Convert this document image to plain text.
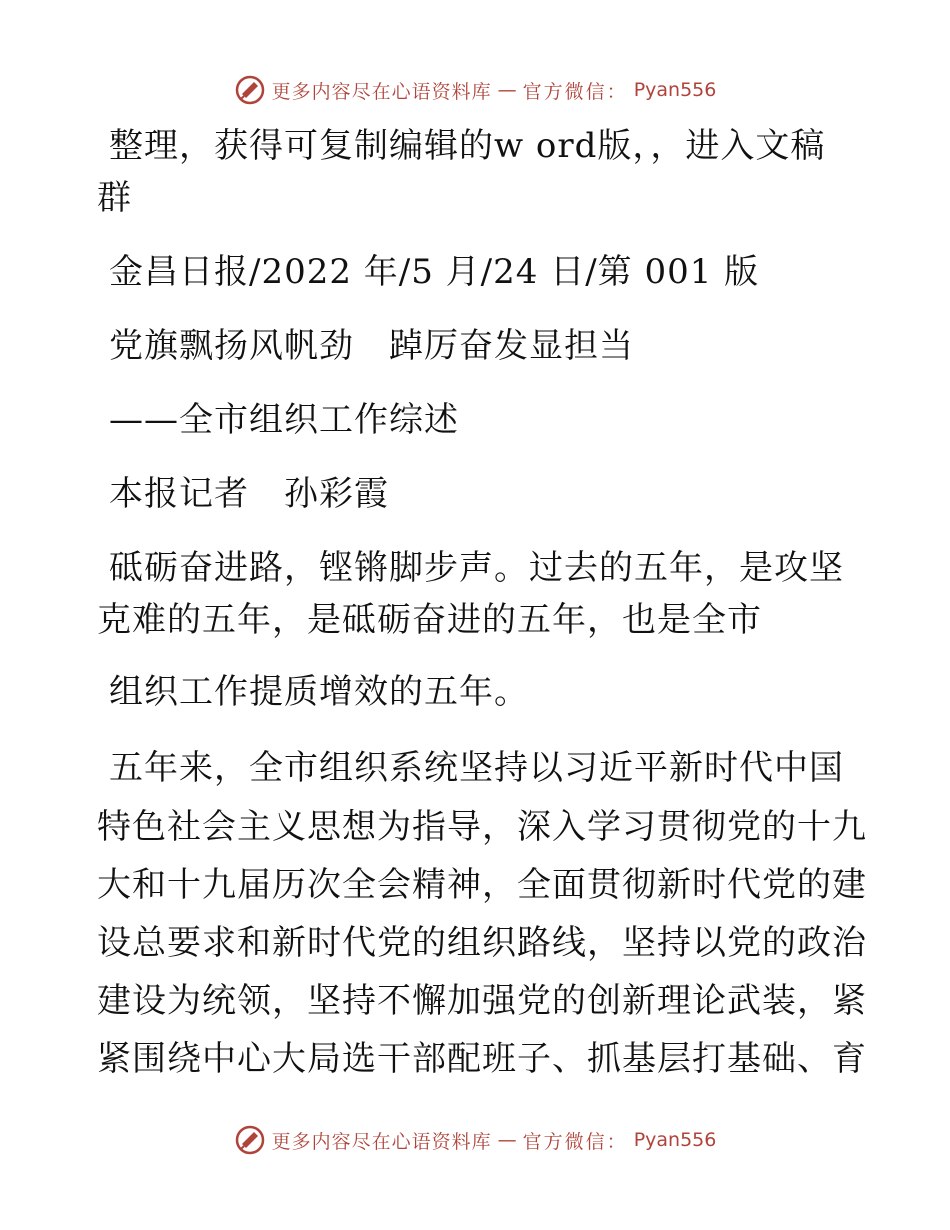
更多内容尽在心语资料库 — 官方微信： Pyan556
整理，获得可复制编辑的w ord版，，进入文稿
群
金昌日报/2022 年/5 月/24 日/第 001 版
党旗飘扬风帆劲　踔厉奋发显担当
——全市组织工作综述
本报记者　孙彩霞
砥砺奋进路，铿锵脚步声。过去的五年，是攻坚
克难的五年，是砥砺奋进的五年，也是全市
组织工作提质增效的五年。
五年来，全市组织系统坚持以习近平新时代中国
特色社会主义思想为指导，深入学习贯彻党的十九
大和十九届历次全会精神，全面贯彻新时代党的建
设总要求和新时代党的组织路线，坚持以党的政治
建设为统领，坚持不懈加强党的创新理论武装，紧
紧围绕中心大局选干部配班子、抓基层打基础、育
更多内容尽在心语资料库 — 官方微信： Pyan556
